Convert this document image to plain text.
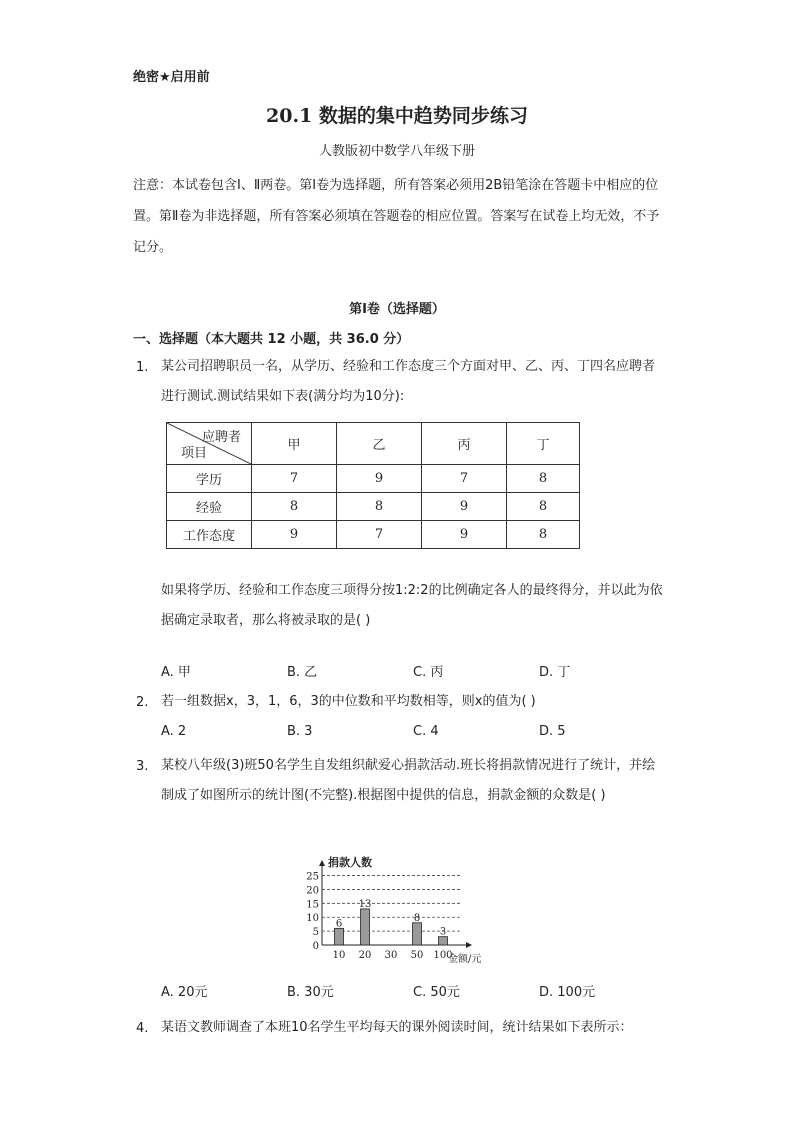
绝密★启用前
20.1 数据的集中趋势同步练习
人教版初中数学八年级下册
注意：本试卷包含Ⅰ、Ⅱ两卷。第Ⅰ卷为选择题，所有答案必须用2B铅笔涂在答题卡中相应的位置。第Ⅱ卷为非选择题，所有答案必须填在答题卷的相应位置。答案写在试卷上均无效，不予记分。
第Ⅰ卷（选择题）
一、选择题（本大题共 12 小题，共 36.0 分）
1. 某公司招聘职员一名，从学历、经验和工作态度三个方面对甲、乙、丙、丁四名应聘者进行测试.测试结果如下表(满分均为10分):
应聘者
项目	甲	乙	丙	丁
学历	7	9	7	8
经验	8	8	9	8
工作态度	9	7	9	8
如果将学历、经验和工作态度三项得分按1:2:2的比例确定各人的最终得分，并以此为依据确定录取者，那么将被录取的是( )
A. 甲	B. 乙	C. 丙	D. 丁
2. 若一组数据x，3，1，6，3的中位数和平均数相等，则x的值为( )
A. 2	B. 3	C. 4	D. 5
3. 某校八年级(3)班50名学生自发组织献爱心捐款活动.班长将捐款情况进行了统计，并绘制成了如图所示的统计图(不完整).根据图中提供的信息，捐款金额的众数是( )
捐款人数
金额/元
0
5
10
15
20
25
10
6
20
13
30 50
8
100
3
A. 20元	B. 30元	C. 50元	D. 100元
4. 某语文教师调查了本班10名学生平均每天的课外阅读时间，统计结果如下表所示：
